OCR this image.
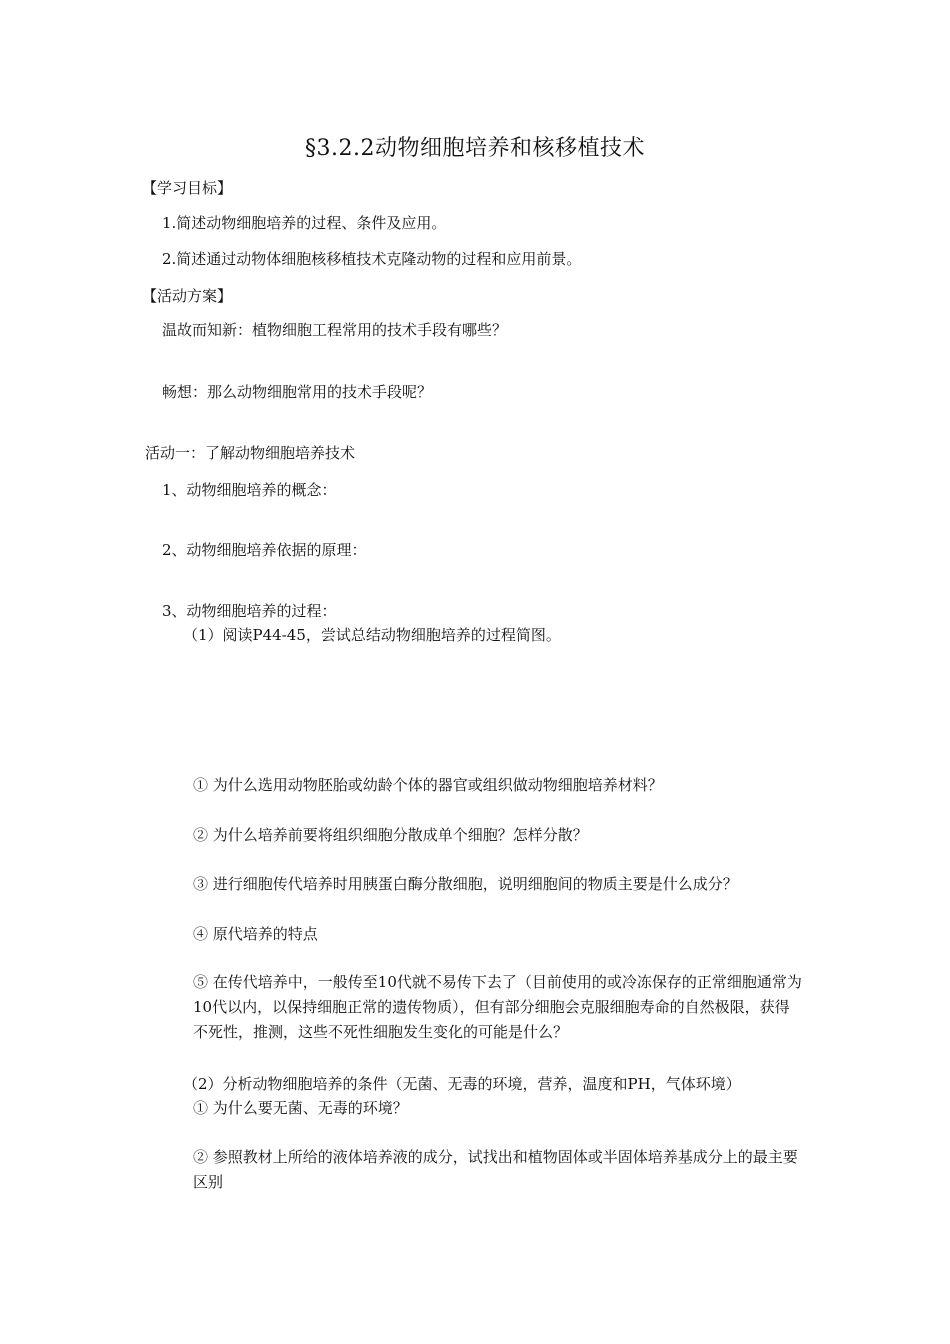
§3.2.2动物细胞培养和核移植技术
【学习目标】
1.简述动物细胞培养的过程、条件及应用。
2.简述通过动物体细胞核移植技术克隆动物的过程和应用前景。
【活动方案】
温故而知新：植物细胞工程常用的技术手段有哪些？
畅想：那么动物细胞常用的技术手段呢？
活动一：了解动物细胞培养技术
1、动物细胞培养的概念：
2、动物细胞培养依据的原理：
3、动物细胞培养的过程：
（1）阅读P44-45，尝试总结动物细胞培养的过程简图。
① 为什么选用动物胚胎或幼龄个体的器官或组织做动物细胞培养材料？
② 为什么培养前要将组织细胞分散成单个细胞？怎样分散？
③ 进行细胞传代培养时用胰蛋白酶分散细胞，说明细胞间的物质主要是什么成分？
④ 原代培养的特点
⑤ 在传代培养中，一般传至10代就不易传下去了（目前使用的或冷冻保存的正常细胞通常为10代以内，以保持细胞正常的遗传物质），但有部分细胞会克服细胞寿命的自然极限，获得不死性，推测，这些不死性细胞发生变化的可能是什么？
（2）分析动物细胞培养的条件（无菌、无毒的环境，营养，温度和PH，气体环境）
① 为什么要无菌、无毒的环境？
② 参照教材上所给的液体培养液的成分，试找出和植物固体或半固体培养基成分上的最主要区别
